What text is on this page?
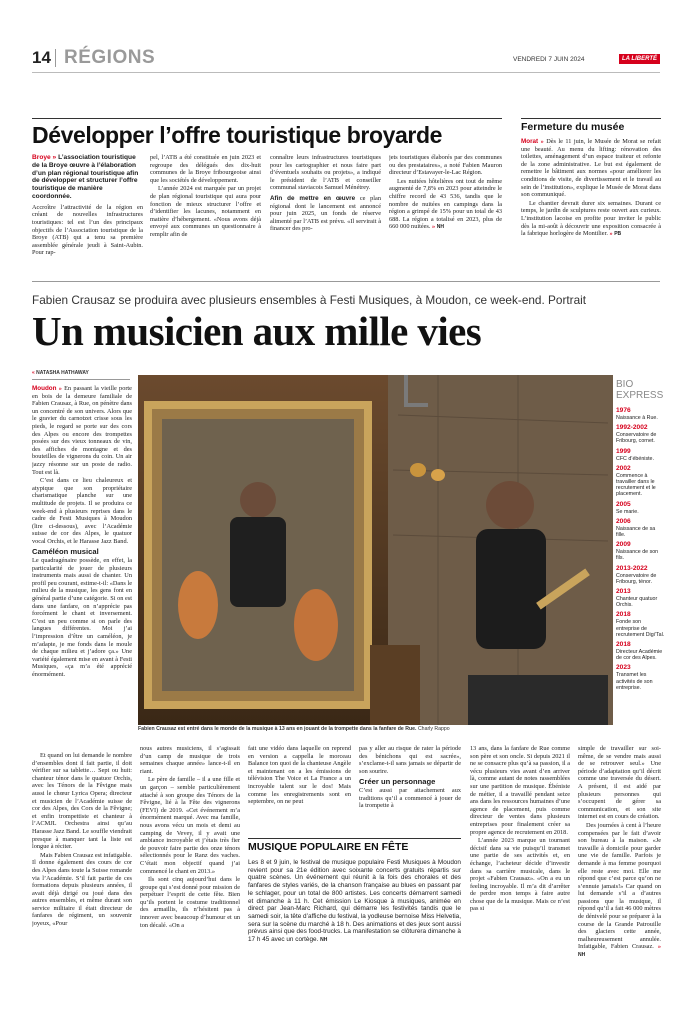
14 RÉGIONS	VENDREDI 7 JUIN 2024	LA LIBERTÉ
Développer l’offre touristique broyarde

Broye » L’association touristique de la Broye œuvre à l’élaboration d’un plan régional touristique afin de développer et structurer l’offre touristique de manière coordonnée.

Accroître l’attractivité de la région en créant de nouvelles infrastructures touristiques: tel est l’un des principaux objectifs de l’Association touristique de la Broye (ATB) qui a tenu sa première assemblée générale jeudi à Saint-Aubin. Pour rap-

pel, l’ATB a été constituée en juin 2023 et regroupe des délégués des dix-huit communes de la Broye fribourgeoise ainsi que les sociétés de développement.

L’année 2024 est marquée par un projet de plan régional touristique qui aura pour fonction de mieux structurer l’offre et d’identifier les lacunes, notamment en matière d’hébergement. «Nous avons déjà envoyé aux communes un questionnaire à remplir afin de

connaître leurs infrastructures touristiques pour les cartographier et nous faire part d’éventuels souhaits ou projets», a indiqué le président de l’ATB et conseiller communal staviacois Samuel Ménétrey.

Afin de mettre en œuvre ce plan régional dont le lancement est annoncé pour juin 2025, un fonds de réserve alimenté par l’ATB est prévu. «Il servirait à financer des pro-

jets touristiques élaborés par des communes ou des prestataires», a noté Fabien Mauron directeur d’Estavayer-le-Lac Région.

Les nuitées hôtelières ont tout de même augmenté de 7,8% en 2023 pour atteindre le chiffre record de 43 536, tandis que le nombre de nuitées en campings dans la région a grimpé de 15% pour un total de 43 688. La région a totalisé en 2023, plus de 660 000 nuitées. » NH

Fermeture du musée

Morat » Dès le 11 juin, le Musée de Morat se refait une beauté. Au menu du lifting: rénovation des toilettes, aménagement d’un espace traiteur et refonte de la zone administrative. Le but est également de remettre le bâtiment aux normes «pour améliorer les conditions de visite, de divertissement et le travail au sein de l’institution», explique le Musée de Morat dans son communiqué.

Le chantier devrait durer six semaines. Durant ce temps, le jardin de sculptures reste ouvert aux curieux. L’institution lacoise en profite pour inviter le public dès la mi-août à découvrir une exposition consacrée à la fabrique horlogère de Montilier. » PB

Fabien Crausaz se produira avec plusieurs ensembles à Festi Musiques, à Moudon, ce week-end. Portrait
Un musicien aux mille vies
« NATASHA HATHAWAY
Fabien Crausaz est entré dans le monde de la musique à 13 ans en jouant de la trompette dans la fanfare de Rue. Charly Rappo
BIO
EXPRESS
1976
Naissance à Rue.
1992-2002
Conservatoire de Fribourg, cornet.
1999
CFC d’ébéniste.
2002
Commence à travailler dans le recrutement et le placement.
2005
Se marie.
2006
Naissance de sa fille.
2009
Naissance de son fils.
2013-2022
Conservatoire de Fribourg, ténor.
2013
Chanteur quatuor Orchis.
2018
Fonde son entreprise de recrutement Digi’Tal.
2018
Directeur Académie de cor des Alpes.
2023
Transmet les activités de son entreprise.

Moudon » En passant la vieille porte en bois de la demeure familiale de Fabien Crausaz, à Rue, on pénètre dans un concentré de son univers. Alors que le gravier du carnotzet crisse sous les pieds, le regard se porte sur des cors des Alpes ou encore des trompettes posées sur des vieux tonneaux de vin, des affiches de montagne et des bouteilles de vignerons du coin. Un air jazzy résonne sur un poste de radio. Tout est là.

C’est dans ce lieu chaleureux et atypique que son propriétaire charismatique planche sur une multitude de projets. Il se produira ce week-end à plusieurs reprises dans le cadre de Festi Musiques à Moudon (lire ci-dessous), avec l’Académie suisse de cor des Alpes, le quatuor vocal Orchis, et le Harasse Jazz Band.

Caméléon musical

Le quadragénaire possède, en effet, la particularité de jouer de plusieurs instruments mais aussi de chanter. Un profil peu courant, estime-t-il: «Dans le milieu de la musique, les gens font en général partie d’une catégorie. Si on est dans une fanfare, on n’apprécie pas forcément le chant et inversement. C’est un peu comme si on parle des langues différentes. Moi j’ai l’impression d’être un caméléon, je m’adapte, je me fonds dans le moule de chaque milieu et j’adore ça.» Une variété également mise en avant à Festi Musiques, «ça m’a été apprécié énormément.

Et quand on lui demande le nombre d’ensembles dont il fait partie, il doit vérifier sur sa tablette… Sept ou huit: chanteur ténor dans le quatuor Orchis, avec les Ténors de la Fêvigne mais aussi le chœur Lyrica Opera; directeur et musicien de l’Académie suisse de cor des Alpes, des Cors de la Fêvigne; et enfin trompettiste et chanteur à l’ACMJL Orchestra ainsi qu’au Harasse Jazz Band. Le souffle viendrait presque à manquer tant la liste est longue à réciter.

Mais Fabien Crausaz est infatigable. Il donne également des cours de cor des Alpes dans toute la Suisse romande via l’Académie. S’il fait partie de ces formations depuis plusieurs années, il avait déjà dirigé ou joué dans des autres ensembles, et même durant son service militaire il était directeur de fanfares de régiment, un souvenir joyeux, «Pour

nous autres musiciens, il s’agissait d’un camp de musique de trois semaines chaque année» lance-t-il en riant.

Le père de famille – il a une fille et un garçon – semble particulièrement attaché à son groupe des Ténors de la Fêvigne, lié à la Fête des vignerons (FEVI) de 2019. «Cet événement m’a énormément marqué. Avec ma famille, nous avons vécu un mois et demi au camping de Vevey, il y avait une ambiance incroyable et j’étais très fier de pouvoir faire partie des onze ténors sélectionnés pour le Ranz des vaches. C’était mon objectif quand j’ai commencé le chant en 2013.»

Ils sont cinq aujourd’hui dans le groupe qui s’est donné pour mission de perpétuer l’esprit de cette fête. Bien qu’ils portent le costume traditionnel des armaillis, ils n’hésitent pas à innover avec beaucoup d’humour et un ton décalé. «On a

fait une vidéo dans laquelle on reprend en version a cappella le morceau Balance ton quoi de la chanteuse Angèle et maintenant on a les émissions de télévision The Voice et La France a un incroyable talent sur le dos! Mais comme les enregistrements sont en septembre, on ne peut

pas y aller au risque de rater la période des bénichons qui est sacrée», s’exclame-t-il sans jamais se départir de son sourire.

Créer un personnage

C’est aussi par attachement aux traditions qu’il a commencé à jouer de la trompette à

13 ans, dans la fanfare de Rue comme son père et son oncle. Si depuis 2021 il ne se consacre plus qu’à sa passion, il a vécu plusieurs vies avant d’en arriver là, comme autant de notes rassemblées sur une partition de musique. Ébéniste de métier, il a travaillé pendant seize ans dans les ressources humaines d’une agence de placement, puis comme directeur de ventes dans plusieurs entreprises pour finalement créer sa propre agence de recrutement en 2018.

L’année 2023 marque un tournant décisif dans sa vie puisqu’il transmet une partie de ses activités et, en échange, l’acheteur décide d’investir dans sa carrière musicale, dans le projet «Fabien Crausaz». «On a eu un feeling incroyable. Il m’a dit d’arrêter de perdre mon temps à faire autre chose que de la musique. Mais ce n’est pas si

simple de travailler sur soi-même, de se vendre mais aussi de se retrouver seul.» Une période d’adaptation qu’il décrit comme une traversée du désert. A présent, il est aidé par plusieurs personnes qui s’occupent de gérer sa communication, et son site internet est en cours de création.

Des journées à cent à l’heure compensées par le fait d’avoir son bureau à la maison. «Je travaille à domicile pour garder une vie de famille. Parfois je demande à ma femme pourquoi elle reste avec moi. Elle me répond que c’est parce qu’on ne s’ennuie jamais!» Car quand on lui demande s’il a d’autres passions que la musique, il répond qu’il a fait 46 000 mètres de dénivelé pour se préparer à la course de la Grande Patrouille des glaciers cette année, malheureusement annulée. Infatigable, Fabien Crausaz. » NH

MUSIQUE POPULAIRE EN FÊTE
Les 8 et 9 juin, le festival de musique populaire Festi Musiques à Moudon revient pour sa 21e édition avec soixante concerts gratuits répartis sur quatre scènes. Un événement qui réunit à la fois des chorales et des fanfares de styles variés, de la chanson française au blues en passant par le schlager, pour un total de 800 artistes. Les concerts démarrent samedi et dimanche à 11 h. Cet émission Le Kiosque à musiques, animée en direct par Jean-Marc Richard, qui démarre les festivités tandis que le samedi soir, la tête d’affiche du festival, la yodleuse bernoise Miss Helvetia, sera sur la scène du marché à 18 h. Des animations et des jeux sont aussi prévus ainsi que des food-trucks. La manifestation se clôturera dimanche à 17 h 45 avec un cortège. NH
